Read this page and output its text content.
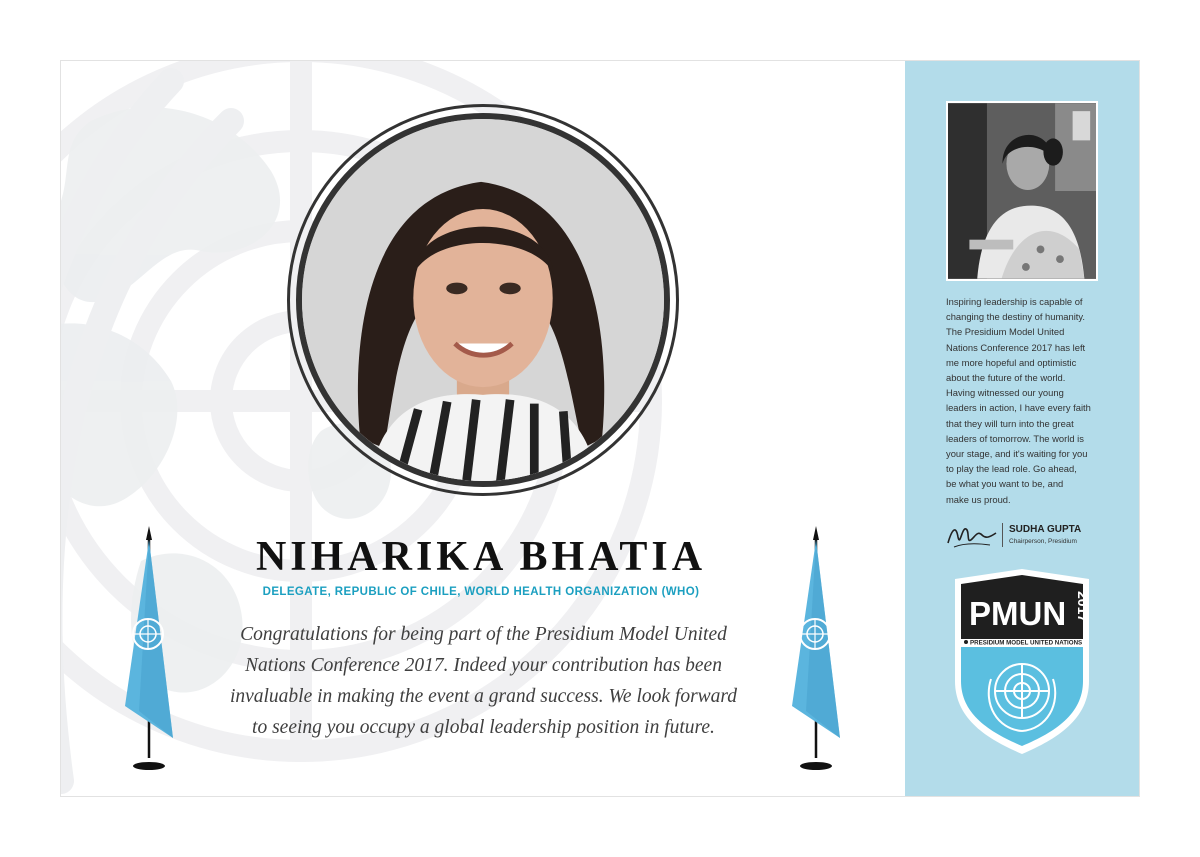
NIHARIKA BHATIA
DELEGATE, REPUBLIC OF CHILE, WORLD HEALTH ORGANIZATION (WHO)
Congratulations for being part of the Presidium Model United
Nations Conference 2017. Indeed your contribution has been
invaluable in making the event a grand success. We look forward
to seeing you occupy a global leadership position in future.
Inspiring leadership is capable of
changing the destiny of humanity.
The Presidium Model United
Nations Conference 2017 has left
me more hopeful and optimistic
about the future of the world.
Having witnessed our young
leaders in action, I have every faith
that they will turn into the great
leaders of tomorrow. The world is
your stage, and it's waiting for you
to play the lead role. Go ahead,
be what you want to be, and
make us proud.
SUDHA GUPTA
Chairperson, Presidium
PMUN 2017
PRESIDIUM MODEL UNITED NATIONS
